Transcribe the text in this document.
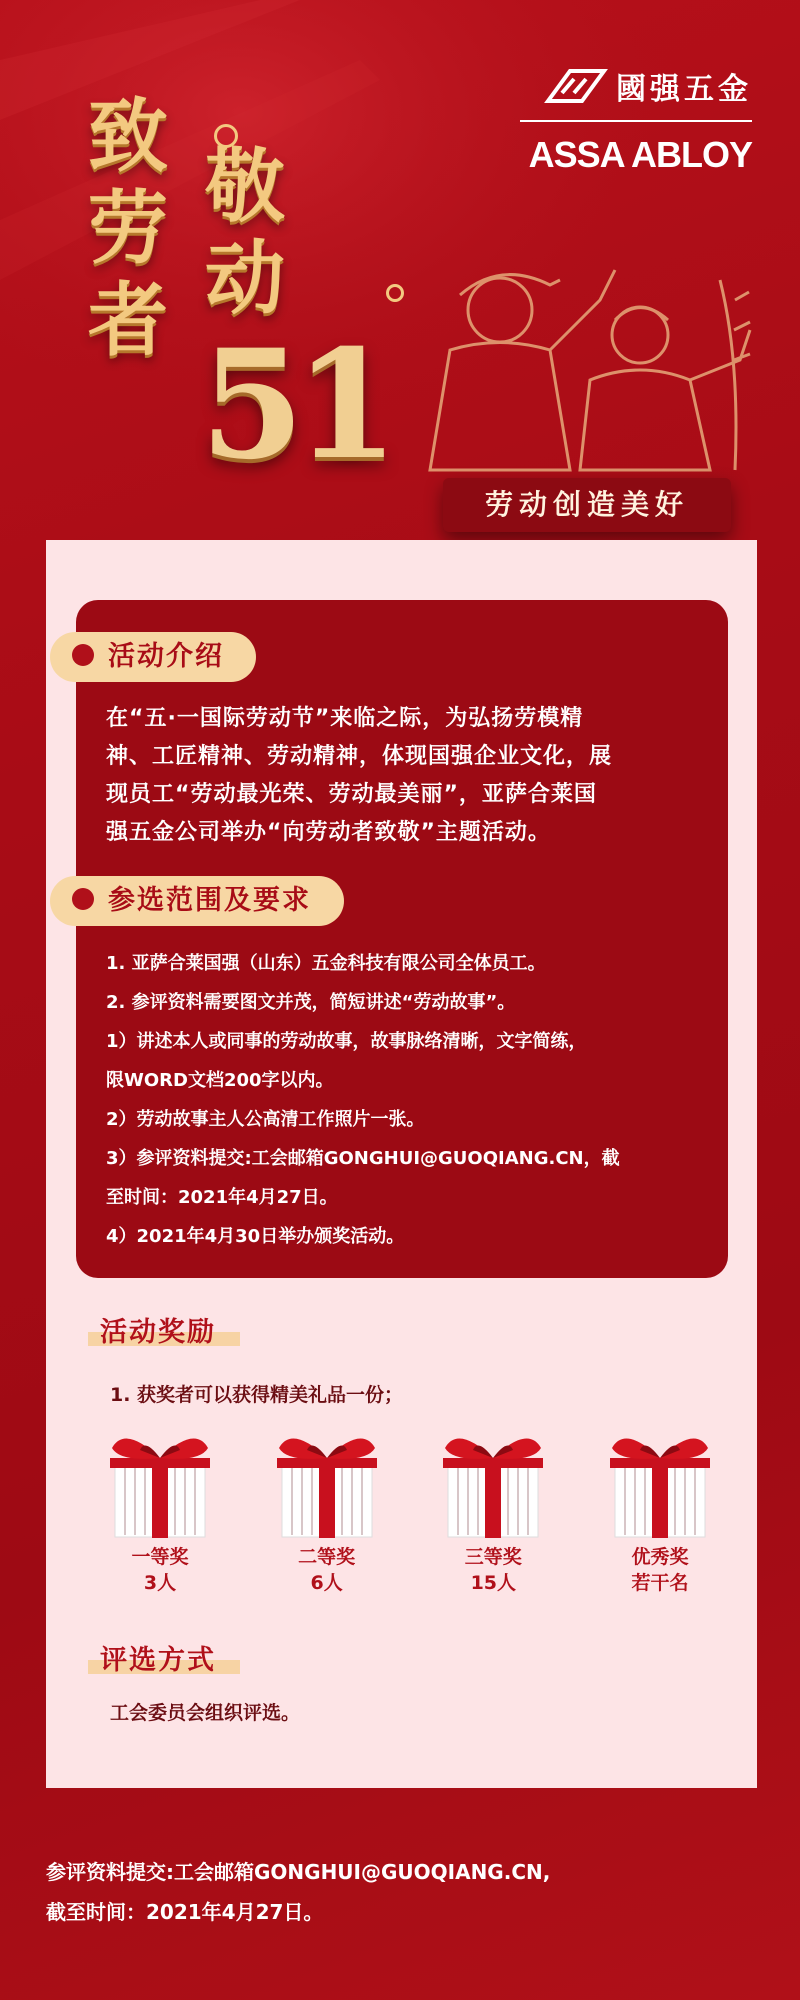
致
劳
者
敬
动
51
國强五金
ASSA ABLOY
劳动创造美好
活动介绍
在“五·一国际劳动节”来临之际，为弘扬劳模精
神、工匠精神、劳动精神，体现国强企业文化，展
现员工“劳动最光荣、劳动最美丽”，亚萨合莱国
强五金公司举办“向劳动者致敬”主题活动。
参选范围及要求
1. 亚萨合莱国强（山东）五金科技有限公司全体员工。
2. 参评资料需要图文并茂，简短讲述“劳动故事”。
1）讲述本人或同事的劳动故事，故事脉络清晰，文字简练，
限WORD文档200字以内。
2）劳动故事主人公高清工作照片一张。
3）参评资料提交:工会邮箱GONGHUI@GUOQIANG.CN，截
至时间：2021年4月27日。
4）2021年4月30日举办颁奖活动。
活动奖励
1. 获奖者可以获得精美礼品一份；
一等奖
3人
二等奖
6人
三等奖
15人
优秀奖
若干名
评选方式
工会委员会组织评选。
参评资料提交:工会邮箱GONGHUI@GUOQIANG.CN,
截至时间：2021年4月27日。
